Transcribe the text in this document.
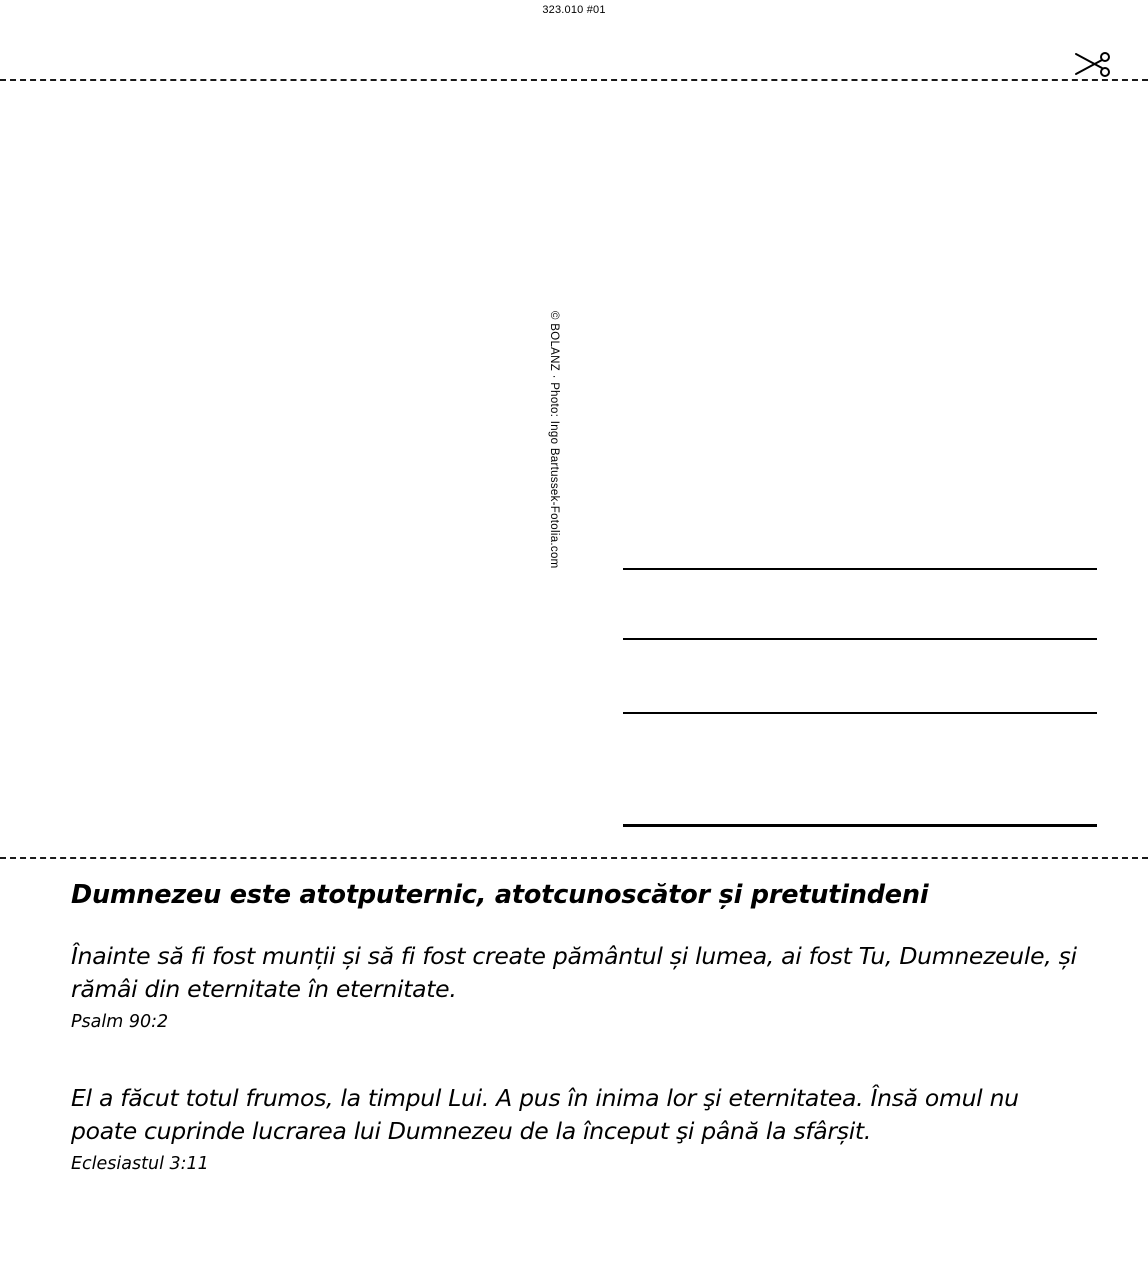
323.010 #01
© BOLANZ · Photo: Ingo Bartussek-Fotolia.com
Dumnezeu este atotputernic, atotcunoscător și pretutindeni

Înainte să fi fost munții și să fi fost create pământul și lumea, ai fost Tu, Dumnezeule, și rămâi din eternitate în eternitate.

Psalm 90:2

El a făcut totul frumos, la timpul Lui. A pus în inima lor şi eternitatea. Însă omul nu poate cuprinde lucrarea lui Dumnezeu de la început şi până la sfârșit.

Eclesiastul 3:11
